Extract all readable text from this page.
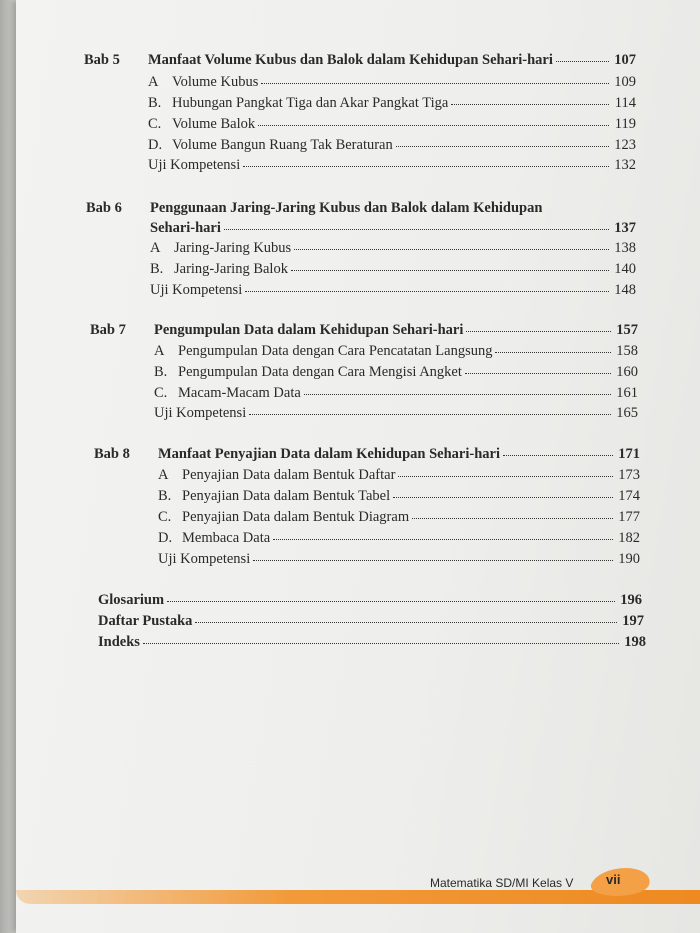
Bab 5 Manfaat Volume Kubus dan Balok dalam Kehidupan Sehari-hari	107
A Volume Kubus	109
B. Hubungan Pangkat Tiga dan Akar Pangkat Tiga	114
C. Volume Balok	119
D. Volume Bangun Ruang Tak Beraturan	123
Uji Kompetensi	132
Bab 6 Penggunaan Jaring-Jaring Kubus dan Balok dalam Kehidupan
Sehari-hari	137
A Jaring-Jaring Kubus	138
B. Jaring-Jaring Balok	140
Uji Kompetensi	148
Bab 7 Pengumpulan Data dalam Kehidupan Sehari-hari	157
A Pengumpulan Data dengan Cara Pencatatan Langsung	158
B. Pengumpulan Data dengan Cara Mengisi Angket	160
C. Macam-Macam Data	161
Uji Kompetensi	165
Bab 8 Manfaat Penyajian Data dalam Kehidupan Sehari-hari	171
A Penyajian Data dalam Bentuk Daftar	173
B. Penyajian Data dalam Bentuk Tabel	174
C. Penyajian Data dalam Bentuk Diagram	177
D. Membaca Data	182
Uji Kompetensi	190
Glosarium	196
Daftar Pustaka	197
Indeks	198
Matematika SD/MI Kelas V	vii
